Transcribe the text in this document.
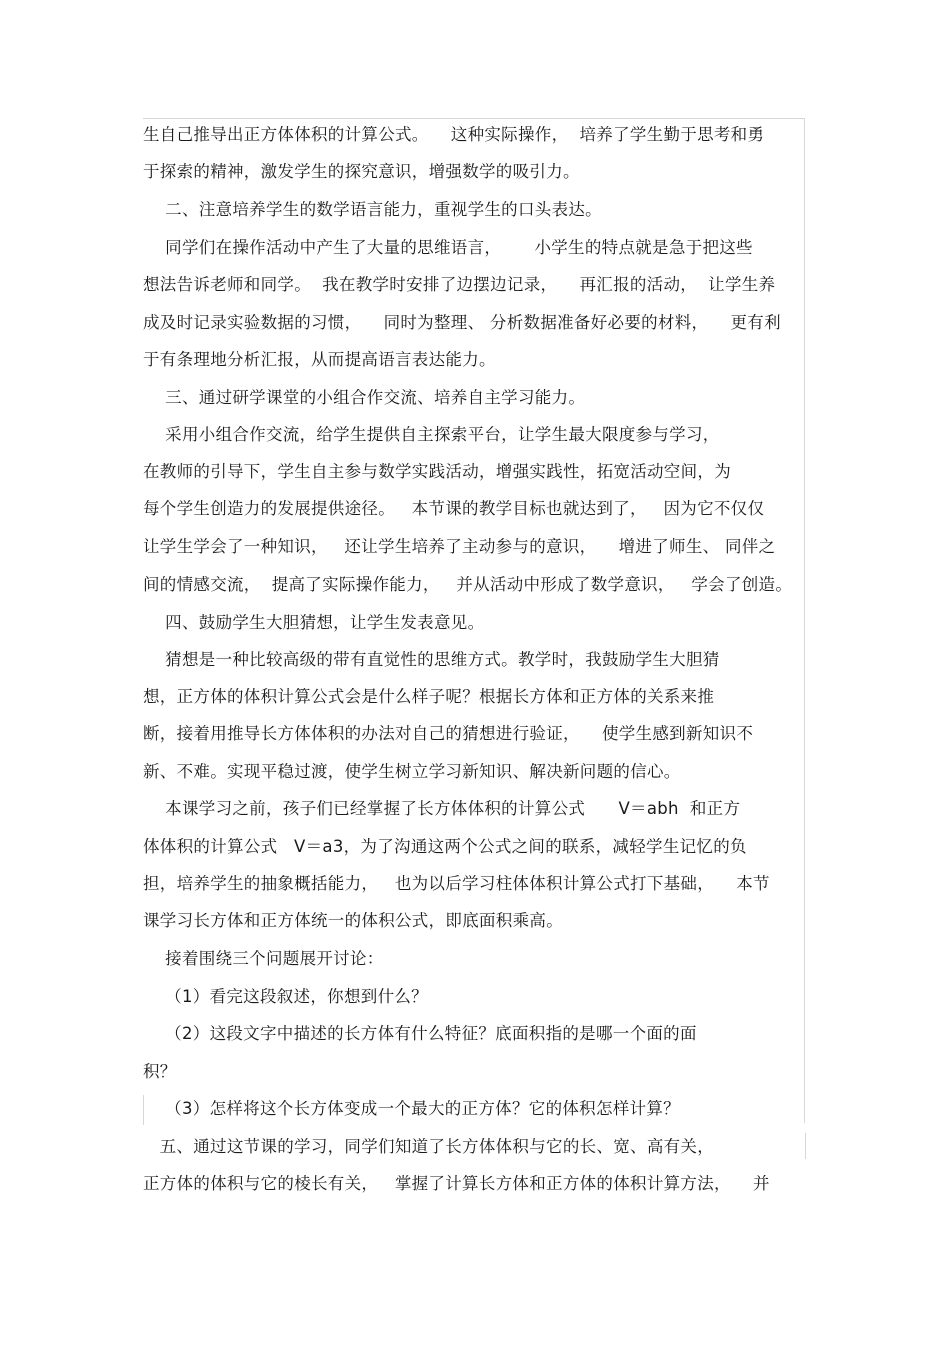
生自己推导出正方体体积的计算公式。    这种实际操作，  培养了学生勤于思考和勇
于探索的精神，激发学生的探究意识，增强数学的吸引力。
二、注意培养学生的数学语言能力，重视学生的口头表达。
同学们在操作活动中产生了大量的思维语言，      小学生的特点就是急于把这些
想法告诉老师和同学。  我在教学时安排了边摆边记录，    再汇报的活动，  让学生养
成及时记录实验数据的习惯，    同时为整理、 分析数据准备好必要的材料，    更有利
于有条理地分析汇报，从而提高语言表达能力。
三、通过研学课堂的小组合作交流、培养自主学习能力。
采用小组合作交流，给学生提供自主探索平台，让学生最大限度参与学习，
在教师的引导下，学生自主参与数学实践活动，增强实践性，拓宽活动空间，为
每个学生创造力的发展提供途径。   本节课的教学目标也就达到了，   因为它不仅仅
让学生学会了一种知识，   还让学生培养了主动参与的意识，    增进了师生、 同伴之
间的情感交流，  提高了实际操作能力，   并从活动中形成了数学意识，   学会了创造。
四、鼓励学生大胆猜想，让学生发表意见。
猜想是一种比较高级的带有直觉性的思维方式。教学时，我鼓励学生大胆猜
想，正方体的体积计算公式会是什么样子呢？根据长方体和正方体的关系来推
断，接着用推导长方体体积的办法对自己的猜想进行验证，    使学生感到新知识不
新、不难。实现平稳过渡，使学生树立学习新知识、解决新问题的信心。
本课学习之前，孩子们已经掌握了长方体体积的计算公式      V＝abh  和正方
体体积的计算公式   V＝a3，为了沟通这两个公式之间的联系，减轻学生记忆的负
担，培养学生的抽象概括能力，   也为以后学习柱体体积计算公式打下基础，    本节
课学习长方体和正方体统一的体积公式，即底面积乘高。
接着围绕三个问题展开讨论：
（1）看完这段叙述，你想到什么？
（2）这段文字中描述的长方体有什么特征？底面积指的是哪一个面的面
积？
（3）怎样将这个长方体变成一个最大的正方体？它的体积怎样计算？
五、通过这节课的学习，同学们知道了长方体体积与它的长、宽、高有关，
正方体的体积与它的棱长有关，   掌握了计算长方体和正方体的体积计算方法，    并
